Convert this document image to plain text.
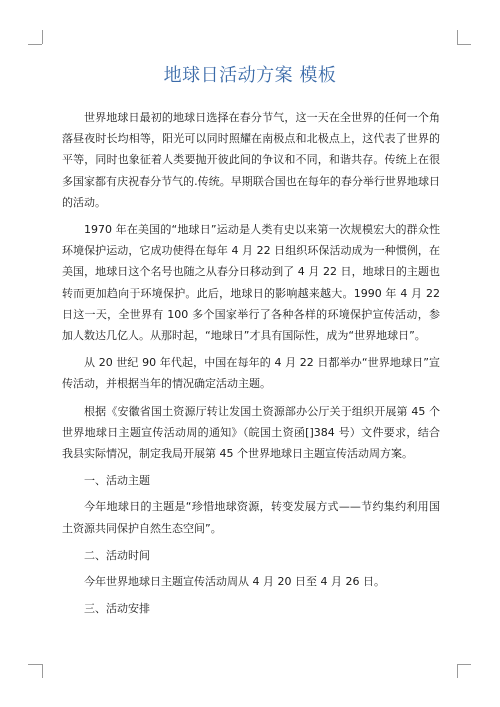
地球日活动方案 模板

世界地球日最初的地球日选择在春分节气，这一天在全世界的任何一个角落昼夜时长均相等，阳光可以同时照耀在南极点和北极点上，这代表了世界的平等，同时也象征着人类要抛开彼此间的争议和不同，和谐共存。传统上在很多国家都有庆祝春分节气的.传统。早期联合国也在每年的春分举行世界地球日的活动。

1970 年在美国的“地球日”运动是人类有史以来第一次规模宏大的群众性环境保护运动，它成功使得在每年 4 月 22 日组织环保活动成为一种惯例，在美国，地球日这个名号也随之从春分日移动到了 4 月 22 日，地球日的主题也转而更加趋向于环境保护。此后，地球日的影响越来越大。1990 年 4 月 22 日这一天，全世界有 100 多个国家举行了各种各样的环境保护宣传活动，参加人数达几亿人。从那时起，“地球日”才具有国际性，成为“世界地球日”。

从 20 世纪 90 年代起，中国在每年的 4 月 22 日都举办“世界地球日”宣传活动，并根据当年的情况确定活动主题。

根据《安徽省国土资源厅转让发国土资源部办公厅关于组织开展第 45 个世界地球日主题宣传活动周的通知》（皖国土资函[]384 号）文件要求，结合我县实际情况，制定我局开展第 45 个世界地球日主题宣传活动周方案。

一、活动主题

今年地球日的主题是“珍惜地球资源，转变发展方式——节约集约利用国土资源共同保护自然生态空间”。

二、活动时间

今年世界地球日主题宣传活动周从 4 月 20 日至 4 月 26 日。

三、活动安排
